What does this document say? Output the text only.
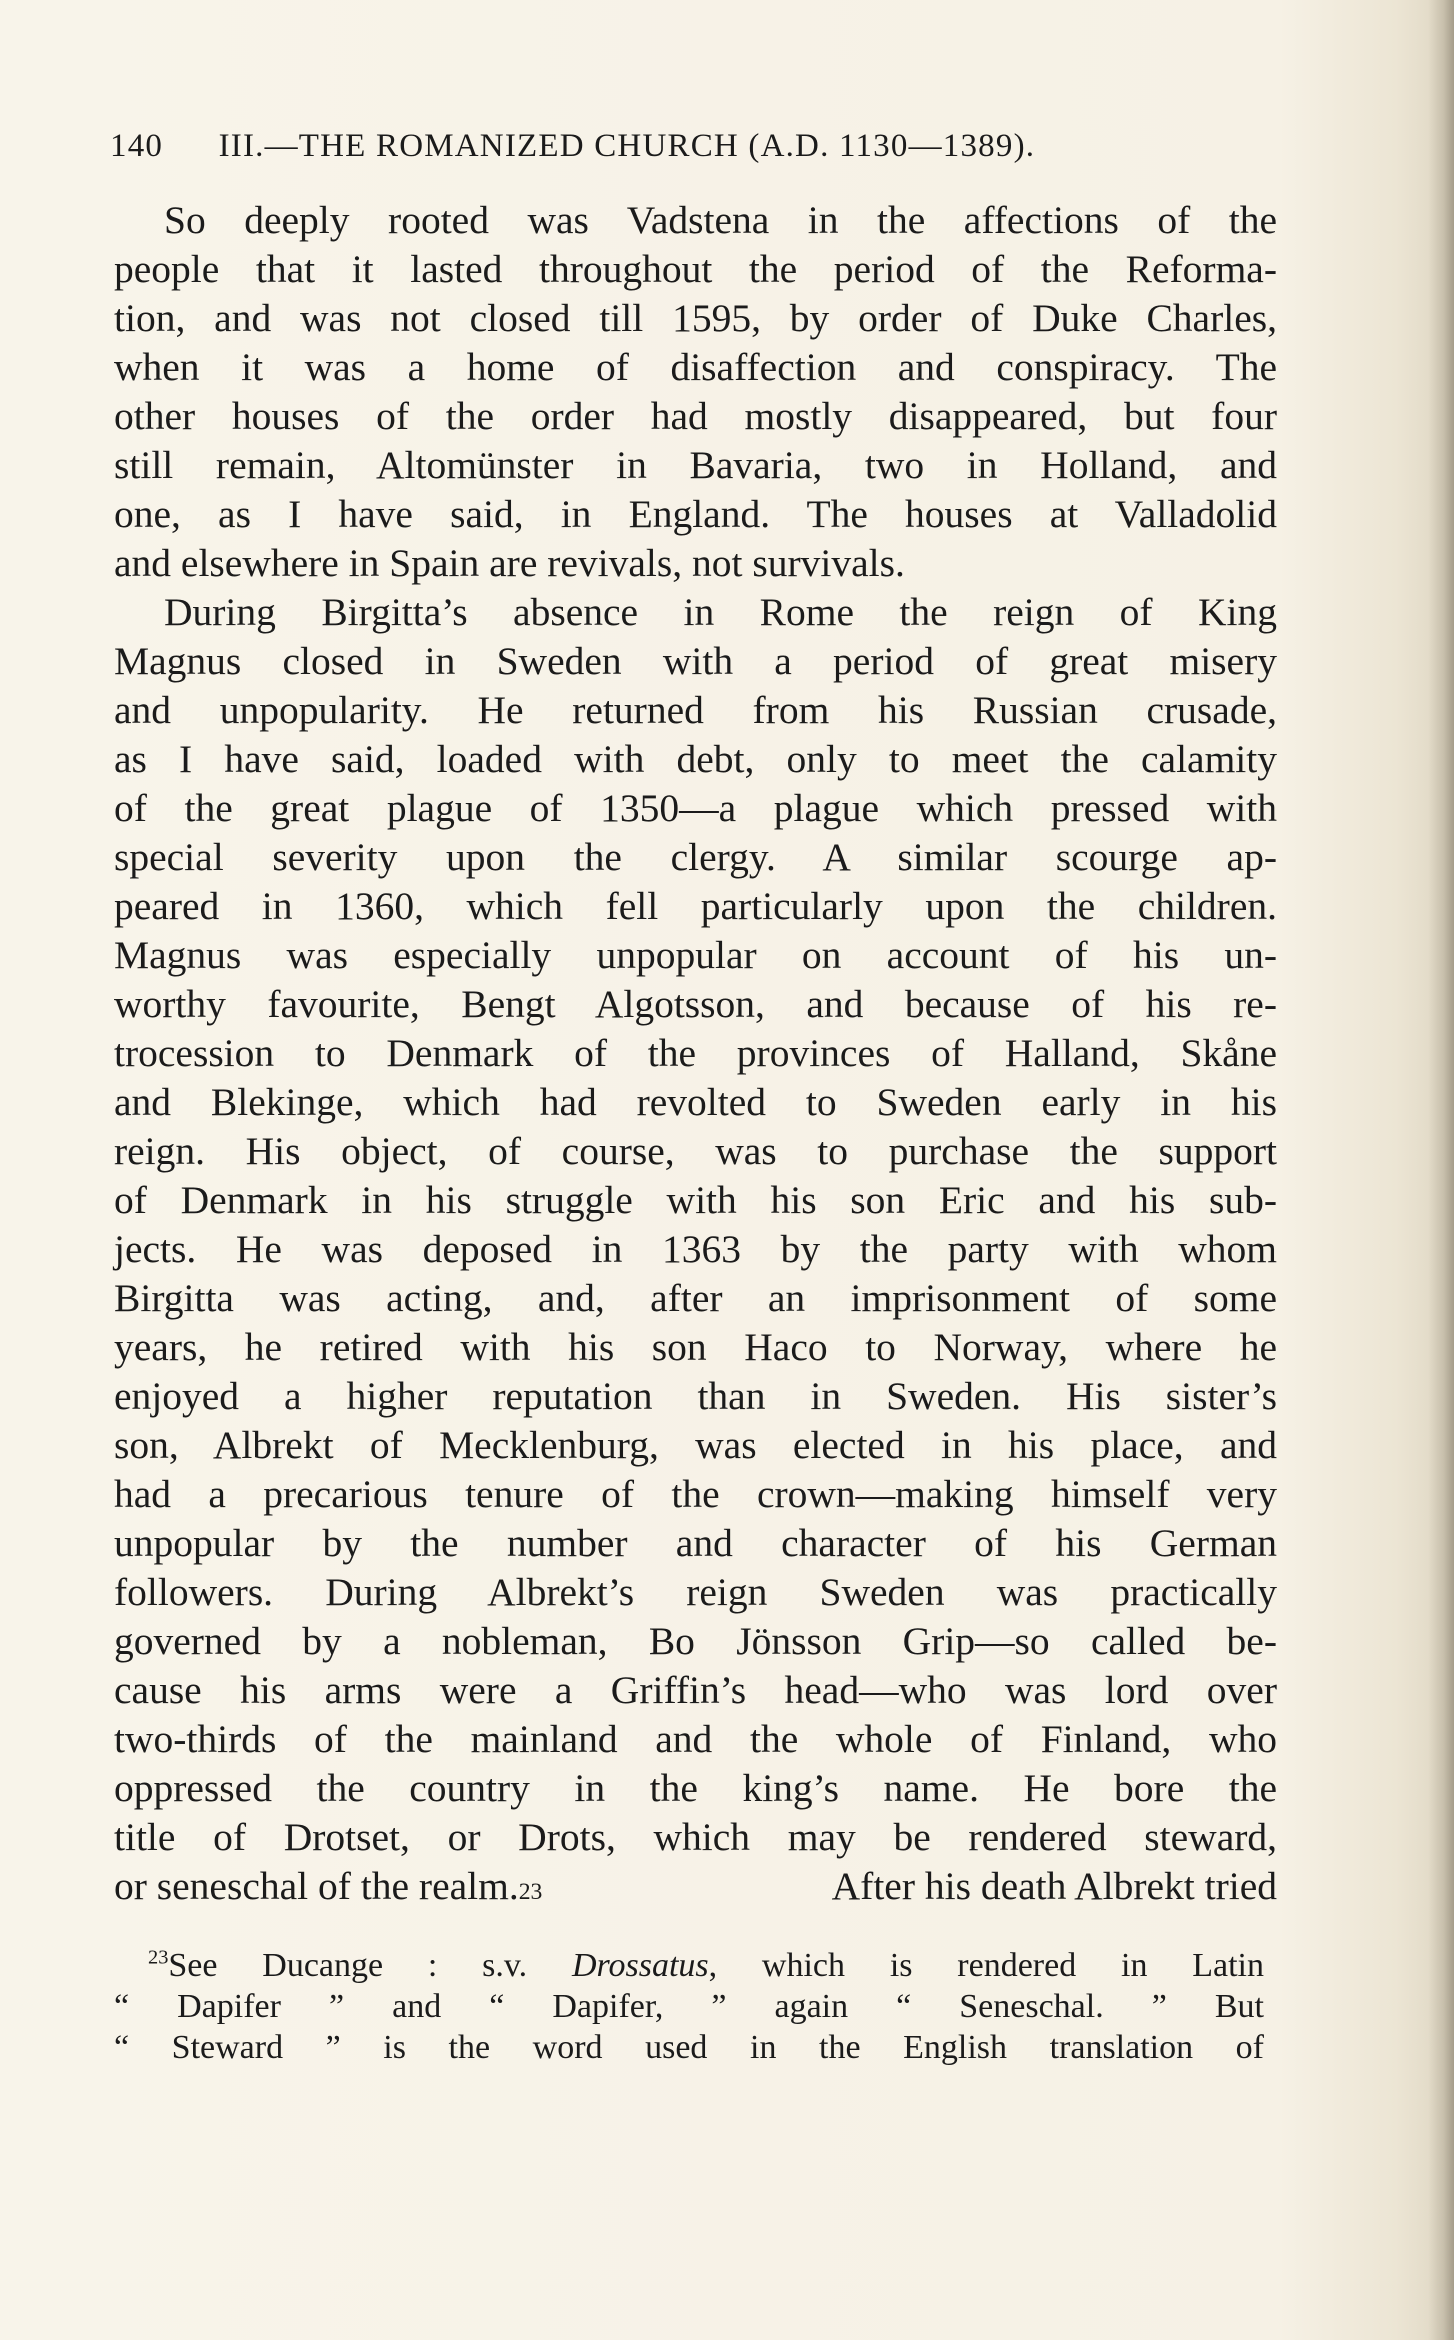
140 III.—THE ROMANIZED CHURCH (A.D. 1130—1389).
So deeply rooted was Vadstena in the affections of the
people that it lasted throughout the period of the Reforma-
tion, and was not closed till 1595, by order of Duke Charles,
when it was a home of disaffection and conspiracy. The
other houses of the order had mostly disappeared, but four
still remain, Altomünster in Bavaria, two in Holland, and
one, as I have said, in England. The houses at Valladolid
and elsewhere in Spain are revivals, not survivals.
During Birgitta’s absence in Rome the reign of King
Magnus closed in Sweden with a period of great misery
and unpopularity. He returned from his Russian crusade,
as I have said, loaded with debt, only to meet the calamity
of the great plague of 1350—a plague which pressed with
special severity upon the clergy. A similar scourge ap-
peared in 1360, which fell particularly upon the children.
Magnus was especially unpopular on account of his un-
worthy favourite, Bengt Algotsson, and because of his re-
trocession to Denmark of the provinces of Halland, Skåne
and Blekinge, which had revolted to Sweden early in his
reign. His object, of course, was to purchase the support
of Denmark in his struggle with his son Eric and his sub-
jects. He was deposed in 1363 by the party with whom
Birgitta was acting, and, after an imprisonment of some
years, he retired with his son Haco to Norway, where he
enjoyed a higher reputation than in Sweden. His sister’s
son, Albrekt of Mecklenburg, was elected in his place, and
had a precarious tenure of the crown—making himself very
unpopular by the number and character of his German
followers. During Albrekt’s reign Sweden was practically
governed by a nobleman, Bo Jönsson Grip—so called be-
cause his arms were a Griffin’s head—who was lord over
two-thirds of the mainland and the whole of Finland, who
oppressed the country in the king’s name. He bore the
title of Drotset, or Drots, which may be rendered steward,
or seneschal of the realm. 23	After his death Albrekt tried
$^{23}$See Ducange : s.v. Drossatus, which is rendered in Latin
“ Dapifer ” and “ Dapifer, ” again “ Seneschal. ” But
“ Steward ” is the word used in the English translation of
